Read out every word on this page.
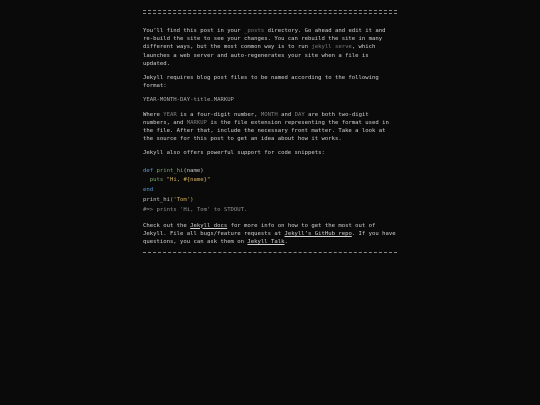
You’ll find this post in your _posts directory. Go ahead and edit it and re-build the site to see your changes. You can rebuild the site in many different ways, but the most common way is to run jekyll serve, which launches a web server and auto-regenerates your site when a file is updated.

Jekyll requires blog post files to be named according to the following format:

YEAR-MONTH-DAY-title.MARKUP

Where YEAR is a four-digit number, MONTH and DAY are both two-digit numbers, and MARKUP is the file extension representing the format used in the file. After that, include the necessary front matter. Take a look at the source for this post to get an idea about how it works.

Jekyll also offers powerful support for code snippets:

def print_hi(name)
puts "Hi, #{name}"
end
print_hi('Tom')
#=> prints 'Hi, Tom' to STDOUT.

Check out the Jekyll docs for more info on how to get the most out of Jekyll. File all bugs/feature requests at Jekyll’s GitHub repo. If you have questions, you can ask them on Jekyll Talk.
